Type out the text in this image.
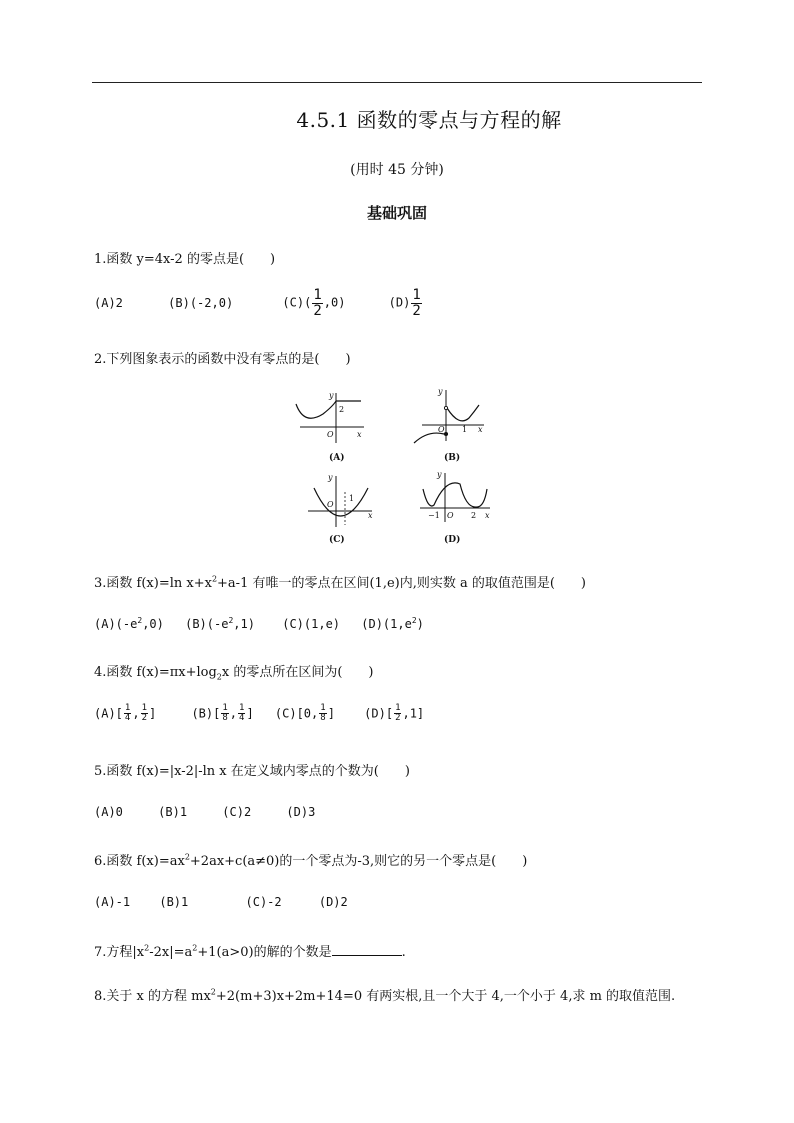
4.5.1 函数的零点与方程的解
(用时 45 分钟)
基础巩固
1.函数 y=4x-2 的零点是(　　)
(A)2	(B)(-2,0)	$(C)( \frac{1}{2} ,0)$	$(D) \frac{1}{2}$
2.下列图象表示的函数中没有零点的是(　　)
y
x
O
2
(A)
y
x
O 1
(B)
y
x
O
1
(C)
y
x
O
−1	2
(D)
3.函数 f(x)=ln $x+x^2+a-1$ 有唯一的零点在区间(1,e)内,则实数 a 的取值范围是(　　)
$(A)(-e^2,0)$ $(B)(-e^2,1)$ (C)(1,e) $(D)(1,e^2)$
4.函数 $f(x)=\pi x+\log_2x$ 的零点所在区间为(　　)
$(A)[ \frac{1}{4}$ , $\frac{1}{2}$ ]	$(B)[ \frac{1}{8}$ , $\frac{1}{4}$ ] (C)[0, $\frac{1}{8}$ ] $(D)[ \frac{1}{2} ,1]$
5.函数 f(x)=|x-2|-ln x 在定义域内零点的个数为(　　)
(A)0	(B)1	(C)2	(D)3
6.函数 $f(x)=ax^2+2ax+c(a\ne 0)$的一个零点为-3,则它的另一个零点是(　　)
(A)-1 (B)1	(C)-2	(D)2
7.方程$|x^2-2x|=a^2+1(a>0)$的解的个数是	.
8.关于 x 的方程 $mx^2+2(m+3)x+2m+14=0$ 有两实根,且一个大于 4,一个小于 4,求 m 的取值范围.
